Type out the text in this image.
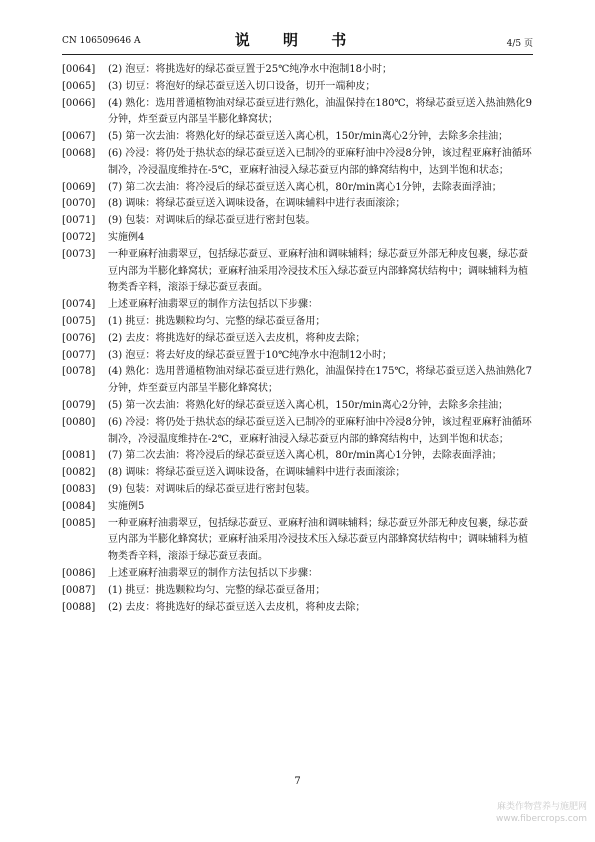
CN 106509646 A	说 明 书	4/5 页
[0064]	(2) 泡豆：将挑选好的绿芯蚕豆置于25℃纯净水中泡制18小时；
[0065]	(3) 切豆：将泡好的绿芯蚕豆送入切口设备，切开一端种皮；
[0066]	(4) 熟化：选用普通植物油对绿芯蚕豆进行熟化，油温保持在180℃，将绿芯蚕豆送入热油熟化9分钟，炸至蚕豆内部呈半膨化蜂窝状；
[0067]	(5) 第一次去油：将熟化好的绿芯蚕豆送入离心机，150r/min离心2分钟，去除多余挂油；
[0068]	(6) 冷浸：将仍处于热状态的绿芯蚕豆送入已制冷的亚麻籽油中冷浸8分钟，该过程亚麻籽油循环制冷，冷浸温度维持在-5℃，亚麻籽油浸入绿芯蚕豆内部的蜂窝结构中，达到半饱和状态；
[0069]	(7) 第二次去油：将冷浸后的绿芯蚕豆送入离心机，80r/min离心1分钟，去除表面浮油；
[0070]	(8) 调味：将绿芯蚕豆送入调味设备，在调味辅料中进行表面滚涂；
[0071]	(9) 包装：对调味后的绿芯蚕豆进行密封包装。
[0072]	实施例4
[0073]	一种亚麻籽油翡翠豆，包括绿芯蚕豆、亚麻籽油和调味辅料；绿芯蚕豆外部无种皮包裹，绿芯蚕豆内部为半膨化蜂窝状；亚麻籽油采用冷浸技术压入绿芯蚕豆内部蜂窝状结构中；调味辅料为植物类香辛料，滚添于绿芯蚕豆表面。
[0074]	上述亚麻籽油翡翠豆的制作方法包括以下步骤：
[0075]	(1) 挑豆：挑选颗粒均匀、完整的绿芯蚕豆备用；
[0076]	(2) 去皮：将挑选好的绿芯蚕豆送入去皮机，将种皮去除；
[0077]	(3) 泡豆：将去好皮的绿芯蚕豆置于10℃纯净水中泡制12小时；
[0078]	(4) 熟化：选用普通植物油对绿芯蚕豆进行熟化，油温保持在175℃，将绿芯蚕豆送入热油熟化7分钟，炸至蚕豆内部呈半膨化蜂窝状；
[0079]	(5) 第一次去油：将熟化好的绿芯蚕豆送入离心机，150r/min离心2分钟，去除多余挂油；
[0080]	(6) 冷浸：将仍处于热状态的绿芯蚕豆送入已制冷的亚麻籽油中冷浸8分钟，该过程亚麻籽油循环制冷，冷浸温度维持在-2℃，亚麻籽油浸入绿芯蚕豆内部的蜂窝结构中，达到半饱和状态；
[0081]	(7) 第二次去油：将冷浸后的绿芯蚕豆送入离心机，80r/min离心1分钟，去除表面浮油；
[0082]	(8) 调味：将绿芯蚕豆送入调味设备，在调味辅料中进行表面滚涂；
[0083]	(9) 包装：对调味后的绿芯蚕豆进行密封包装。
[0084]	实施例5
[0085]	一种亚麻籽油翡翠豆，包括绿芯蚕豆、亚麻籽油和调味辅料；绿芯蚕豆外部无种皮包裹，绿芯蚕豆内部为半膨化蜂窝状；亚麻籽油采用冷浸技术压入绿芯蚕豆内部蜂窝状结构中；调味辅料为植物类香辛料，滚添于绿芯蚕豆表面。
[0086]	上述亚麻籽油翡翠豆的制作方法包括以下步骤：
[0087]	(1) 挑豆：挑选颗粒均匀、完整的绿芯蚕豆备用；
[0088]	(2) 去皮：将挑选好的绿芯蚕豆送入去皮机，将种皮去除；
7
麻类作物营养与施肥网
www.fibercrops.com
